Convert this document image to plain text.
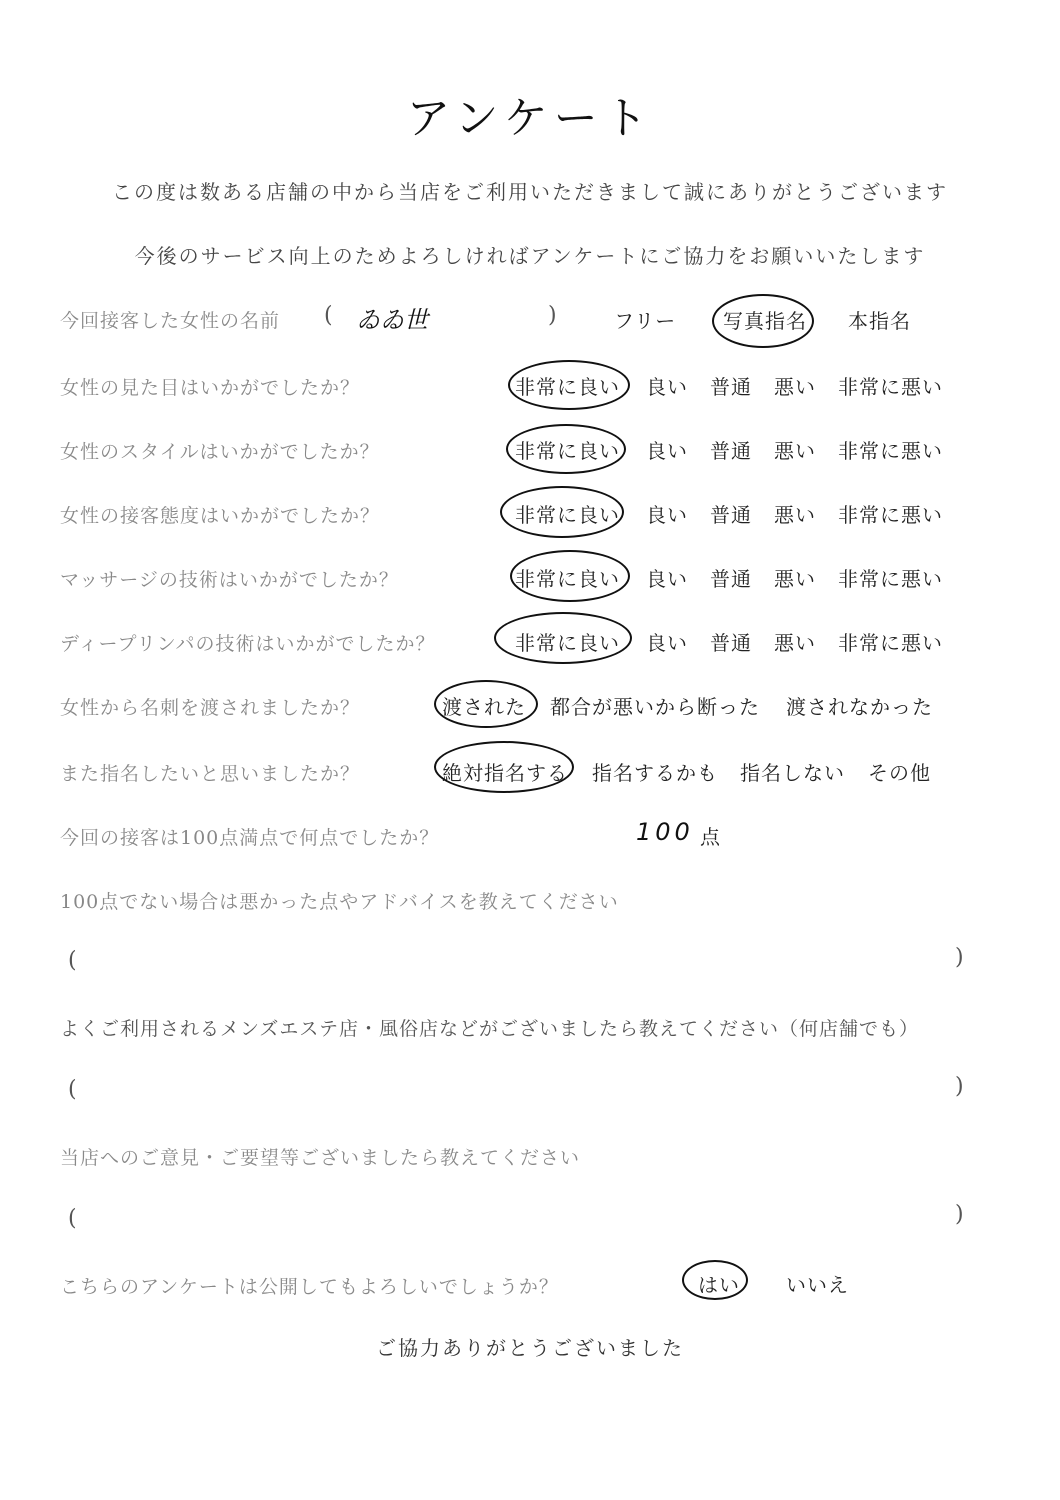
アンケート
この度は数ある店舗の中から当店をご利用いただきまして誠にありがとうございます
今後のサービス向上のためよろしければアンケートにご協力をお願いいたします
今回接客した女性の名前 ( ゐゐ世	)	フリー 写真指名 本指名
女性の見た目はいかがでしたか？	非常に良い 良い 普通 悪い 非常に悪い
女性のスタイルはいかがでしたか？	非常に良い 良い 普通 悪い 非常に悪い
女性の接客態度はいかがでしたか？	非常に良い 良い 普通 悪い 非常に悪い
マッサージの技術はいかがでしたか？	非常に良い 良い 普通 悪い 非常に悪い
ディープリンパの技術はいかがでしたか？	非常に良い 良い 普通 悪い 非常に悪い
女性から名刺を渡されましたか？	渡された 都合が悪いから断った 渡されなかった
また指名したいと思いましたか？	絶対指名する 指名するかも 指名しない その他
今回の接客は100点満点で何点でしたか？	100 点
100点でない場合は悪かった点やアドバイスを教えてください
(	)
よくご利用されるメンズエステ店・風俗店などがございましたら教えてください（何店舗でも）
(	)
当店へのご意見・ご要望等ございましたら教えてください
(	)
こちらのアンケートは公開してもよろしいでしょうか？	はい いいえ
ご協力ありがとうございました
